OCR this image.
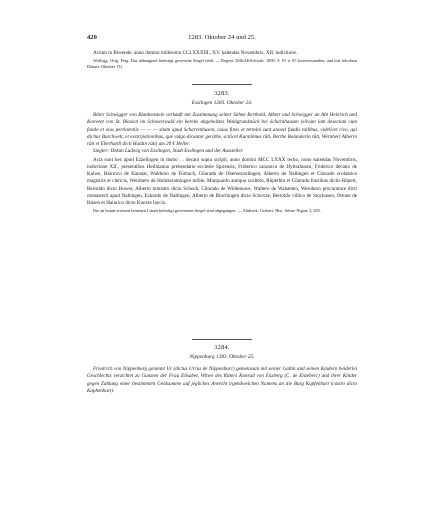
420	1283. Oktober 24 und 25.

Actum in Biwende, anno domini millesimo CCLXXXIII., XV. kalendas Novembris, XII. indictione.

Wolfegg. Orig. Perg. Das abhangend befestigt gewesene Siegel fehlt. — Regest: DillsAKSchwab. 1890, S. 91 n. 95 (misverstanden, und mit falschem Datum: Oktober 13).

3283.

Esslingen 1283. Oktober 24.

Bitter Schwigger von Blankenstein verkauft mit Zustimmung seiner Söhne Berthold, Albert und Schwigger an Abt Heinrich und Konvent von St. Blasien im Schwarzwald ein bereits abgeholztes Waldgrundstück bei Scharnhausen (silvam iam desectam cum fundo et eius pertinentiis — — — sitam apud Scharrenhusen, cuius fines et termini sunt anoezi fundis tallibus, videlicet rivo, qui dicitur Burchwelt, et exstirpationibus, que vulgo dicuntur geräthe, scilicet Kurstinnus rûti, Berthe Bolanderin rûti, Wernheri Alberin rûti et Eberhardi dicti Haidin rûti) um 20 € Heller.

Siegler: Dekan Ludwig von Esslingen, Stadt Esslingen und der Aussteller.

Acta sunt hec apud Ezzelingen in domo . . decani supra scripti, anno domini MCC LXXX tertio, nono kalendas Novembris, indictione XII., presentibus Heilmanno prebendarie ecclesie Spirensis, Friderico canonico de Hyltrahusen, Friderico decano de Kalwe, Heinrico de Kanstat, Walthero de Fürbach, Cûnrado de Obernezzelingen, Alberto de Nallingen et Cûnrado scolastico magistris et clericis, Wernhero de Hohtzeramingen milite, Marquardo antiquo sculteto, Rûperhto et Cûnrado fratribus dictis Rôpert, Bertoldo dicto Hower, Alberto ministro dicto Schoch, Cûnrado de Wildenowe, Waltero de Walsteten, Wernhero procuratore dicti monasterii apud Nallingen, Eckardo de Nallingen, Alberto de Blochingen dicto Schuxze, Bertoldo villico de Stochusen, Ottone de Husen et Hainrico dicto Kunrze laycis.

Die an braun-weissen leinenen Litzen befestigt gewesenen Siegel sind abgegangen. — Abdruck: Gerbert, Hist. Silvae Nigrae 3, 205.

3284.

Nippenburg 1283. Oktober 25.

Friedrich von Nippenburg genannt Ur (dictus Urrus de Nippenburc) gemeinsam mit seiner Gattin und seinen Kindern beiderlei Geschlechts verzichtet zu Gunsten der Frau Elisabet, Witwe des Ritters Konrad von Enzberg (C. de Enzeberc) und ihrer Kinder gegen Zahlung einer bestimmten Geldsumme auf jegliches Anrecht irgendwelchen Namens an die Burg Kapfenhart (castro dicto Kaphenhart).
